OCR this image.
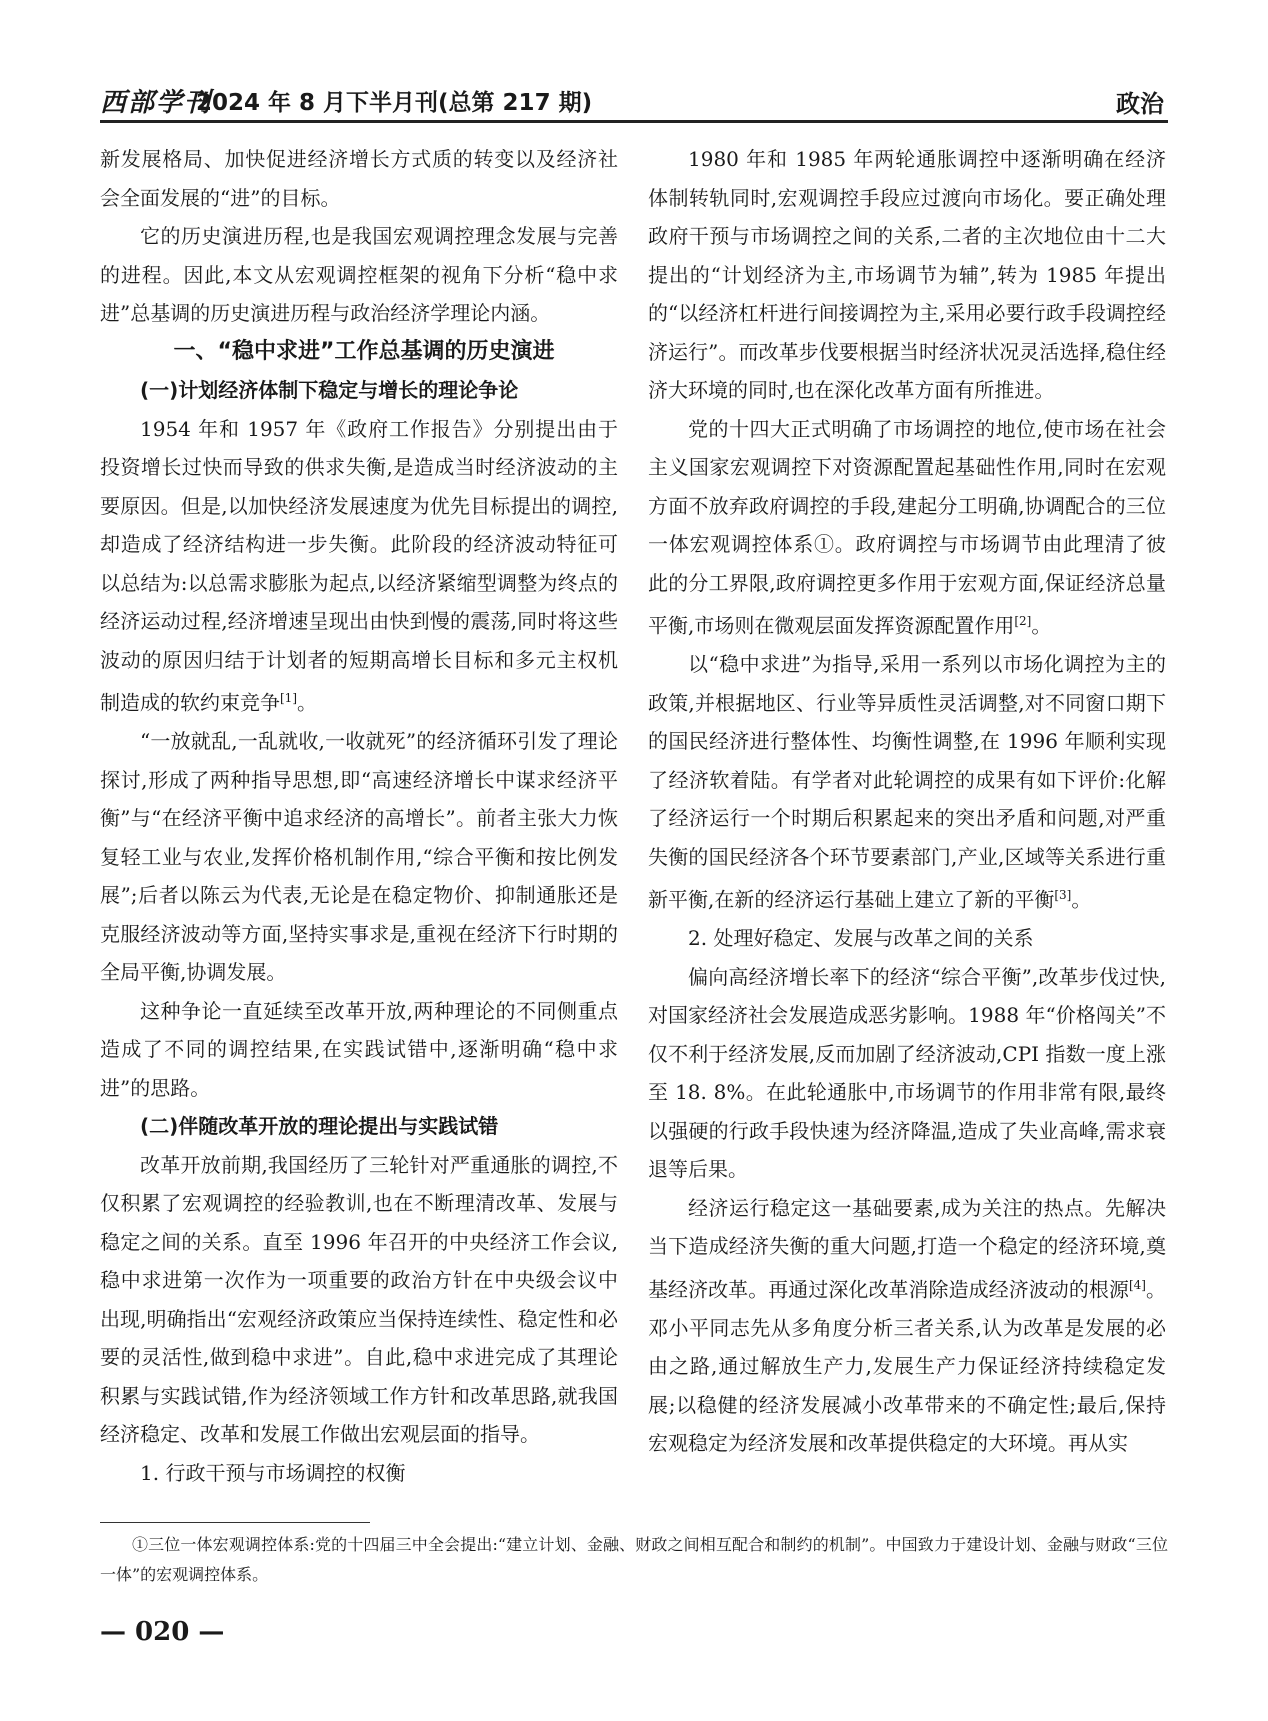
西部学刊
2024 年 8 月下半月刊(总第 217 期)	政治

新发展格局、加快促进经济增长方式质的转变以及经济社会全面发展的“进”的目标。

它的历史演进历程,也是我国宏观调控理念发展与完善的进程。因此,本文从宏观调控框架的视角下分析“稳中求进”总基调的历史演进历程与政治经济学理论内涵。

一、“稳中求进”工作总基调的历史演进
(一)计划经济体制下稳定与增长的理论争论

1954 年和 1957 年《政府工作报告》分别提出由于投资增长过快而导致的供求失衡,是造成当时经济波动的主要原因。但是,以加快经济发展速度为优先目标提出的调控,却造成了经济结构进一步失衡。此阶段的经济波动特征可以总结为:以总需求膨胀为起点,以经济紧缩型调整为终点的经济运动过程,经济增速呈现出由快到慢的震荡,同时将这些波动的原因归结于计划者的短期高增长目标和多元主权机制造成的软约束竞争[1]。

“一放就乱,一乱就收,一收就死”的经济循环引发了理论探讨,形成了两种指导思想,即“高速经济增长中谋求经济平衡”与“在经济平衡中追求经济的高增长”。前者主张大力恢复轻工业与农业,发挥价格机制作用,“综合平衡和按比例发展”;后者以陈云为代表,无论是在稳定物价、抑制通胀还是克服经济波动等方面,坚持实事求是,重视在经济下行时期的全局平衡,协调发展。

这种争论一直延续至改革开放,两种理论的不同侧重点造成了不同的调控结果,在实践试错中,逐渐明确“稳中求进”的思路。

(二)伴随改革开放的理论提出与实践试错

改革开放前期,我国经历了三轮针对严重通胀的调控,不仅积累了宏观调控的经验教训,也在不断理清改革、发展与稳定之间的关系。直至 1996 年召开的中央经济工作会议,稳中求进第一次作为一项重要的政治方针在中央级会议中出现,明确指出“宏观经济政策应当保持连续性、稳定性和必要的灵活性,做到稳中求进”。自此,稳中求进完成了其理论积累与实践试错,作为经济领域工作方针和改革思路,就我国经济稳定、改革和发展工作做出宏观层面的指导。

1. 行政干预与市场调控的权衡

1980 年和 1985 年两轮通胀调控中逐渐明确在经济体制转轨同时,宏观调控手段应过渡向市场化。要正确处理政府干预与市场调控之间的关系,二者的主次地位由十二大提出的“计划经济为主,市场调节为辅”,转为 1985 年提出的“以经济杠杆进行间接调控为主,采用必要行政手段调控经济运行”。而改革步伐要根据当时经济状况灵活选择,稳住经济大环境的同时,也在深化改革方面有所推进。

党的十四大正式明确了市场调控的地位,使市场在社会主义国家宏观调控下对资源配置起基础性作用,同时在宏观方面不放弃政府调控的手段,建起分工明确,协调配合的三位一体宏观调控体系①。政府调控与市场调节由此理清了彼此的分工界限,政府调控更多作用于宏观方面,保证经济总量平衡,市场则在微观层面发挥资源配置作用[2]。

以“稳中求进”为指导,采用一系列以市场化调控为主的政策,并根据地区、行业等异质性灵活调整,对不同窗口期下的国民经济进行整体性、均衡性调整,在 1996 年顺利实现了经济软着陆。有学者对此轮调控的成果有如下评价:化解了经济运行一个时期后积累起来的突出矛盾和问题,对严重失衡的国民经济各个环节要素部门,产业,区域等关系进行重新平衡,在新的经济运行基础上建立了新的平衡[3]。

2. 处理好稳定、发展与改革之间的关系

偏向高经济增长率下的经济“综合平衡”,改革步伐过快,对国家经济社会发展造成恶劣影响。1988 年“价格闯关”不仅不利于经济发展,反而加剧了经济波动,CPI 指数一度上涨至 18. 8%。在此轮通胀中,市场调节的作用非常有限,最终以强硬的行政手段快速为经济降温,造成了失业高峰,需求衰退等后果。

经济运行稳定这一基础要素,成为关注的热点。先解决当下造成经济失衡的重大问题,打造一个稳定的经济环境,奠基经济改革。再通过深化改革消除造成经济波动的根源[4]。邓小平同志先从多角度分析三者关系,认为改革是发展的必由之路,通过解放生产力,发展生产力保证经济持续稳定发展;以稳健的经济发展减小改革带来的不确定性;最后,保持宏观稳定为经济发展和改革提供稳定的大环境。再从实

①三位一体宏观调控体系:党的十四届三中全会提出:“建立计划、金融、财政之间相互配合和制约的机制”。中国致力于建设计划、金融与财政“三位一体”的宏观调控体系。
— 020 —
